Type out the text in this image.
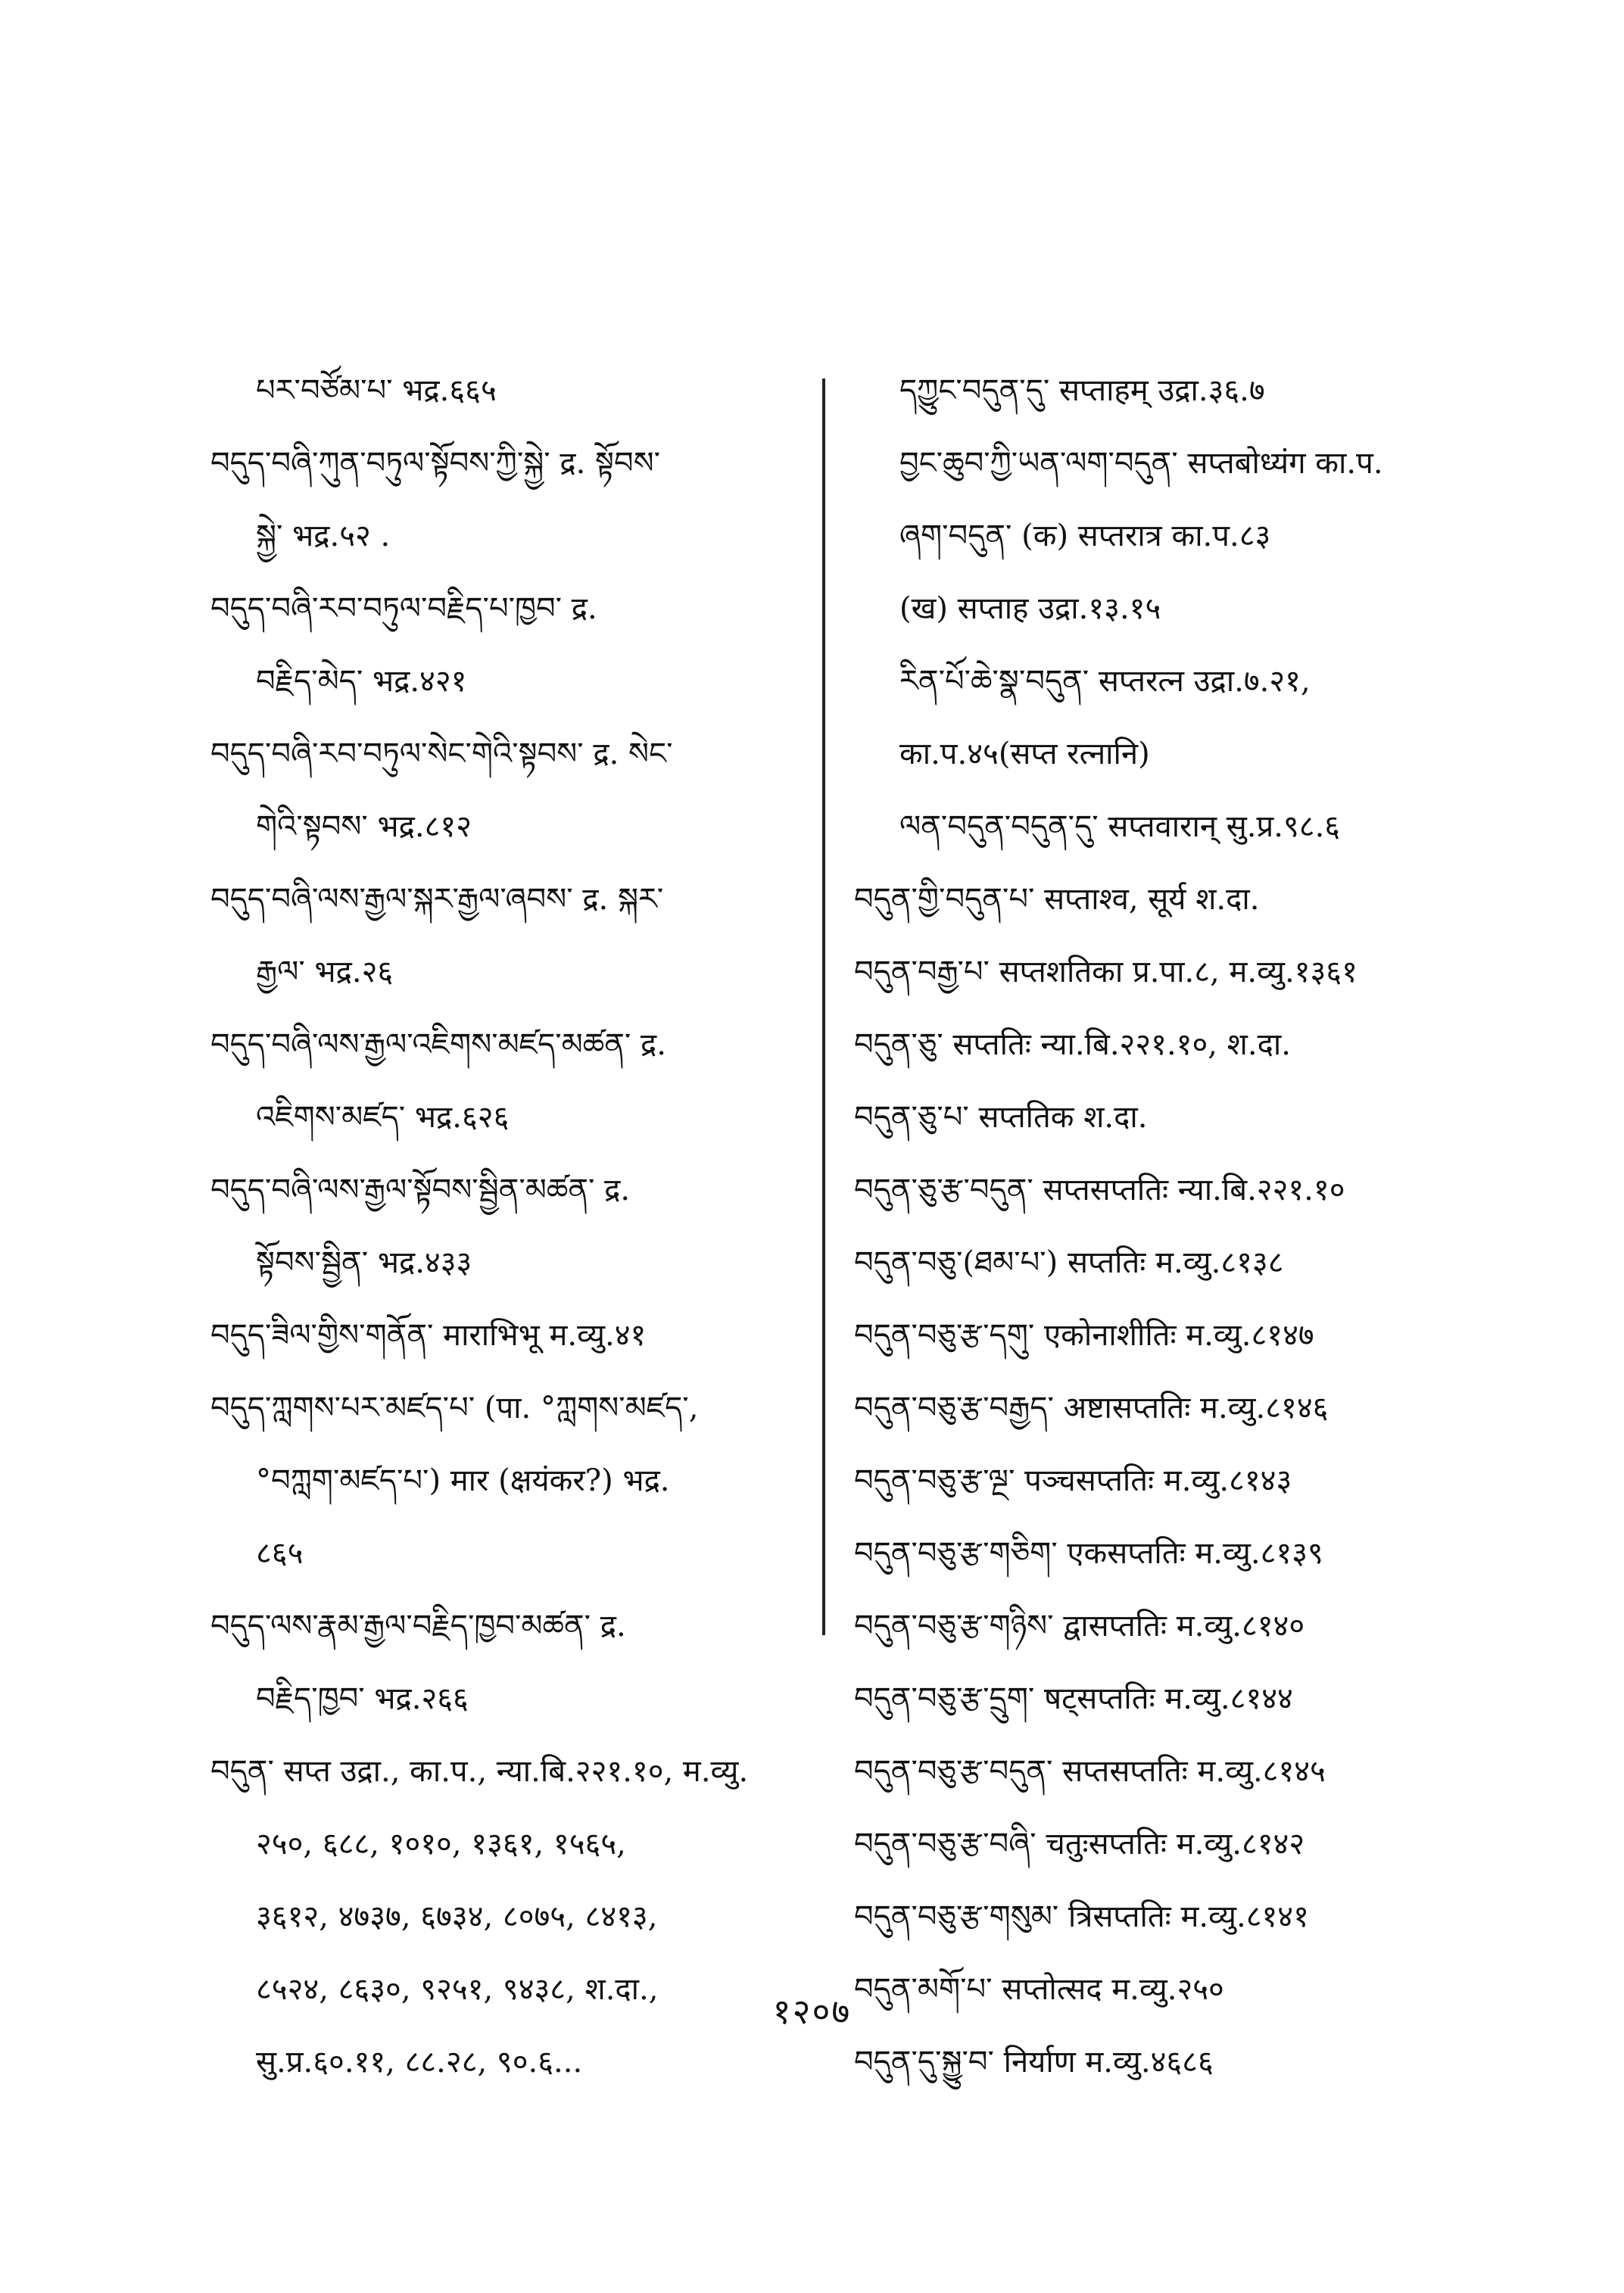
པར་བཙོམ་པ་ भद्र.६६५
བདུད་བཞི་ཀུན་བཏུལ་སྟོབས་ཀྱི་སྐྱེ་ द्र. སྟོབས་
སྐྱེ་ भद्र.५२ .
བདུད་བཞི་རབ་བཏུལ་བརྗིད་པ་ཁྱབ་ द्र.
བརྗིད་མེད་ भद्र.४२१
བདུད་བཞི་རབ་བཏུལ་སེང་གེའི་སྟབས་ द्र. སེང་
གེའི་སྟབས་ भद्र.८१२
བདུད་བཞི་ལས་རྒྱལ་སྐར་རྒྱལ་ཞབས་ द्र. སྐར་
རྒྱལ་ भद्र.२६
བདུད་བཞི་ལས་རྒྱལ་འཇིགས་མཛད་མཚན་ द्र.
འཇིགས་མཛད་ भद्र.६२६
བདུད་བཞི་ལས་རྒྱལ་སྟོབས་སྦྱིན་མཚན་ द्र.
སྟོབས་སྦྱིན་ भद्र.४३३
བདུད་ཟིལ་གྱིས་གནོན་ माराभिभू म.व्यु.४१
བདུད་ཀླགས་པར་མཛད་པ་ (पा. °ཀླགས་མཛད་,
°བཀླག་མཛད་པ་) मार (क्षयंकर?) भद्र.
८६५
བདུད་ལས་རྣམ་རྒྱལ་བརྗིད་ཁྱབ་མཚན་ द्र.
བརྗིད་ཁྱབ་ भद्र.२६६
བདུན་ सप्त उद्रा., का.प., न्या.बि.२२१.१०, म.व्यु.
२५०, ६८८, १०१०, १३६१, १५६५,
३६१२, ४७३७, ६७३४, ८०७५, ८४१३,
८५२४, ८६३०, ९२५१, ९४३८, श.दा.,
सु.प्र.६०.११, ८८.२८, ९०.६...
དཀྱུང་བདུན་དུ་ सप्ताहम् उद्रा.३६.७
བྱང་ཆུབ་ཀྱི་ཡན་ལག་བདུན་ सप्तबोध्यंग का.प.
ཞག་བདུན་ (क) सप्तरात्र का.प.८३
(ख) सप्ताह उद्रा.१३.१५
རིན་པོ་ཆེ་སྣ་བདུན་ सप्तरत्न उद्रा.७.२१,
का.प.४५(सप्त रत्नानि)
ལན་བདུན་བདུན་དུ་ सप्तवारान् सु.प्र.९८.६
བདུན་གྱི་བདུན་པ་ सप्ताश्व, सूर्य श.दा.
བདུན་བརྒྱ་པ་ सप्तशतिका प्र.पा.८, म.व्यु.१३६१
བདུན་ཅུ་ सप्ततिः न्या.बि.२२१.१०, श.दा.
བདུན་ཅུ་པ་ सप्ततिक श.दा.
བདུན་ཅུ་རྩ་བདུན་ सप्तसप्ततिः न्या.बि.२२१.१०
བདུན་བཅུ་(ཐམ་པ་) सप्ततिः म.व्यु.८१३८
བདུན་བཅུ་རྩ་དགུ་ एकोनाशीतिः म.व्यु.८१४७
བདུན་བཅུ་རྩ་བརྒྱད་ अष्टासप्ततिः म.व्यु.८१४६
བདུན་བཅུ་རྩ་ལྔ་ पञ्चसप्ततिः म.व्यु.८१४३
བདུན་བཅུ་རྩ་གཅིག་ एकसप्ततिः म.व्यु.८१३९
བདུན་བཅུ་རྩ་གཉིས་ द्वासप्ततिः म.व्यु.८१४०
བདུན་བཅུ་རྩ་དྲུག་ षट्सप्ततिः म.व्यु.८१४४
བདུན་བཅུ་རྩ་བདུན་ सप्तसप्ततिः म.व्यु.८१४५
བདུན་བཅུ་རྩ་བཞི་ चतुःसप्ततिः म.व्यु.८१४२
བདུན་བཅུ་རྩ་གསུམ་ त्रिसप्ततिः म.व्यु.८१४१
བདུན་མགོ་པ་ सप्तोत्सद म.व्यु.२५०
བདུན་དུ་སྐྱུ་བ་ निर्याण म.व्यु.४६८६
१२०७
